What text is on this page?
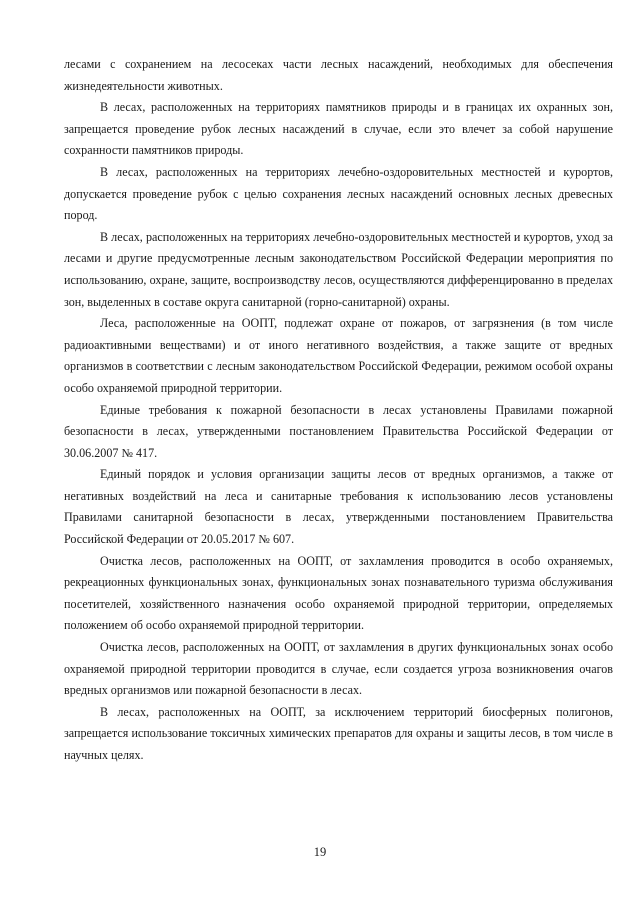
лесами с сохранением на лесосеках части лесных насаждений, необходимых для обеспечения жизнедеятельности животных.

В лесах, расположенных на территориях памятников природы и в границах их охранных зон, запрещается проведение рубок лесных насаждений в случае, если это влечет за собой нарушение сохранности памятников природы.

В лесах, расположенных на территориях лечебно-оздоровительных местностей и курортов, допускается проведение рубок с целью сохранения лесных насаждений основных лесных древесных пород.

В лесах, расположенных на территориях лечебно-оздоровительных местностей и курортов, уход за лесами и другие предусмотренные лесным законодательством Российской Федерации мероприятия по использованию, охране, защите, воспроизводству лесов, осуществляются дифференцированно в пределах зон, выделенных в составе округа санитарной (горно-санитарной) охраны.

Леса, расположенные на ООПТ, подлежат охране от пожаров, от загрязнения (в том числе радиоактивными веществами) и от иного негативного воздействия, а также защите от вредных организмов в соответствии с лесным законодательством Российской Федерации, режимом особой охраны особо охраняемой природной территории.

Единые требования к пожарной безопасности в лесах установлены Правилами пожарной безопасности в лесах, утвержденными постановлением Правительства Российской Федерации от 30.06.2007 № 417.

Единый порядок и условия организации защиты лесов от вредных организмов, а также от негативных воздействий на леса и санитарные требования к использованию лесов установлены Правилами санитарной безопасности в лесах, утвержденными постановлением Правительства Российской Федерации от 20.05.2017 № 607.

Очистка лесов, расположенных на ООПТ, от захламления проводится в особо охраняемых, рекреационных функциональных зонах, функциональных зонах познавательного туризма обслуживания посетителей, хозяйственного назначения особо охраняемой природной территории, определяемых положением об особо охраняемой природной территории.

Очистка лесов, расположенных на ООПТ, от захламления в других функциональных зонах особо охраняемой природной территории проводится в случае, если создается угроза возникновения очагов вредных организмов или пожарной безопасности в лесах.

В лесах, расположенных на ООПТ, за исключением территорий биосферных полигонов, запрещается использование токсичных химических препаратов для охраны и защиты лесов, в том числе в научных целях.

19
